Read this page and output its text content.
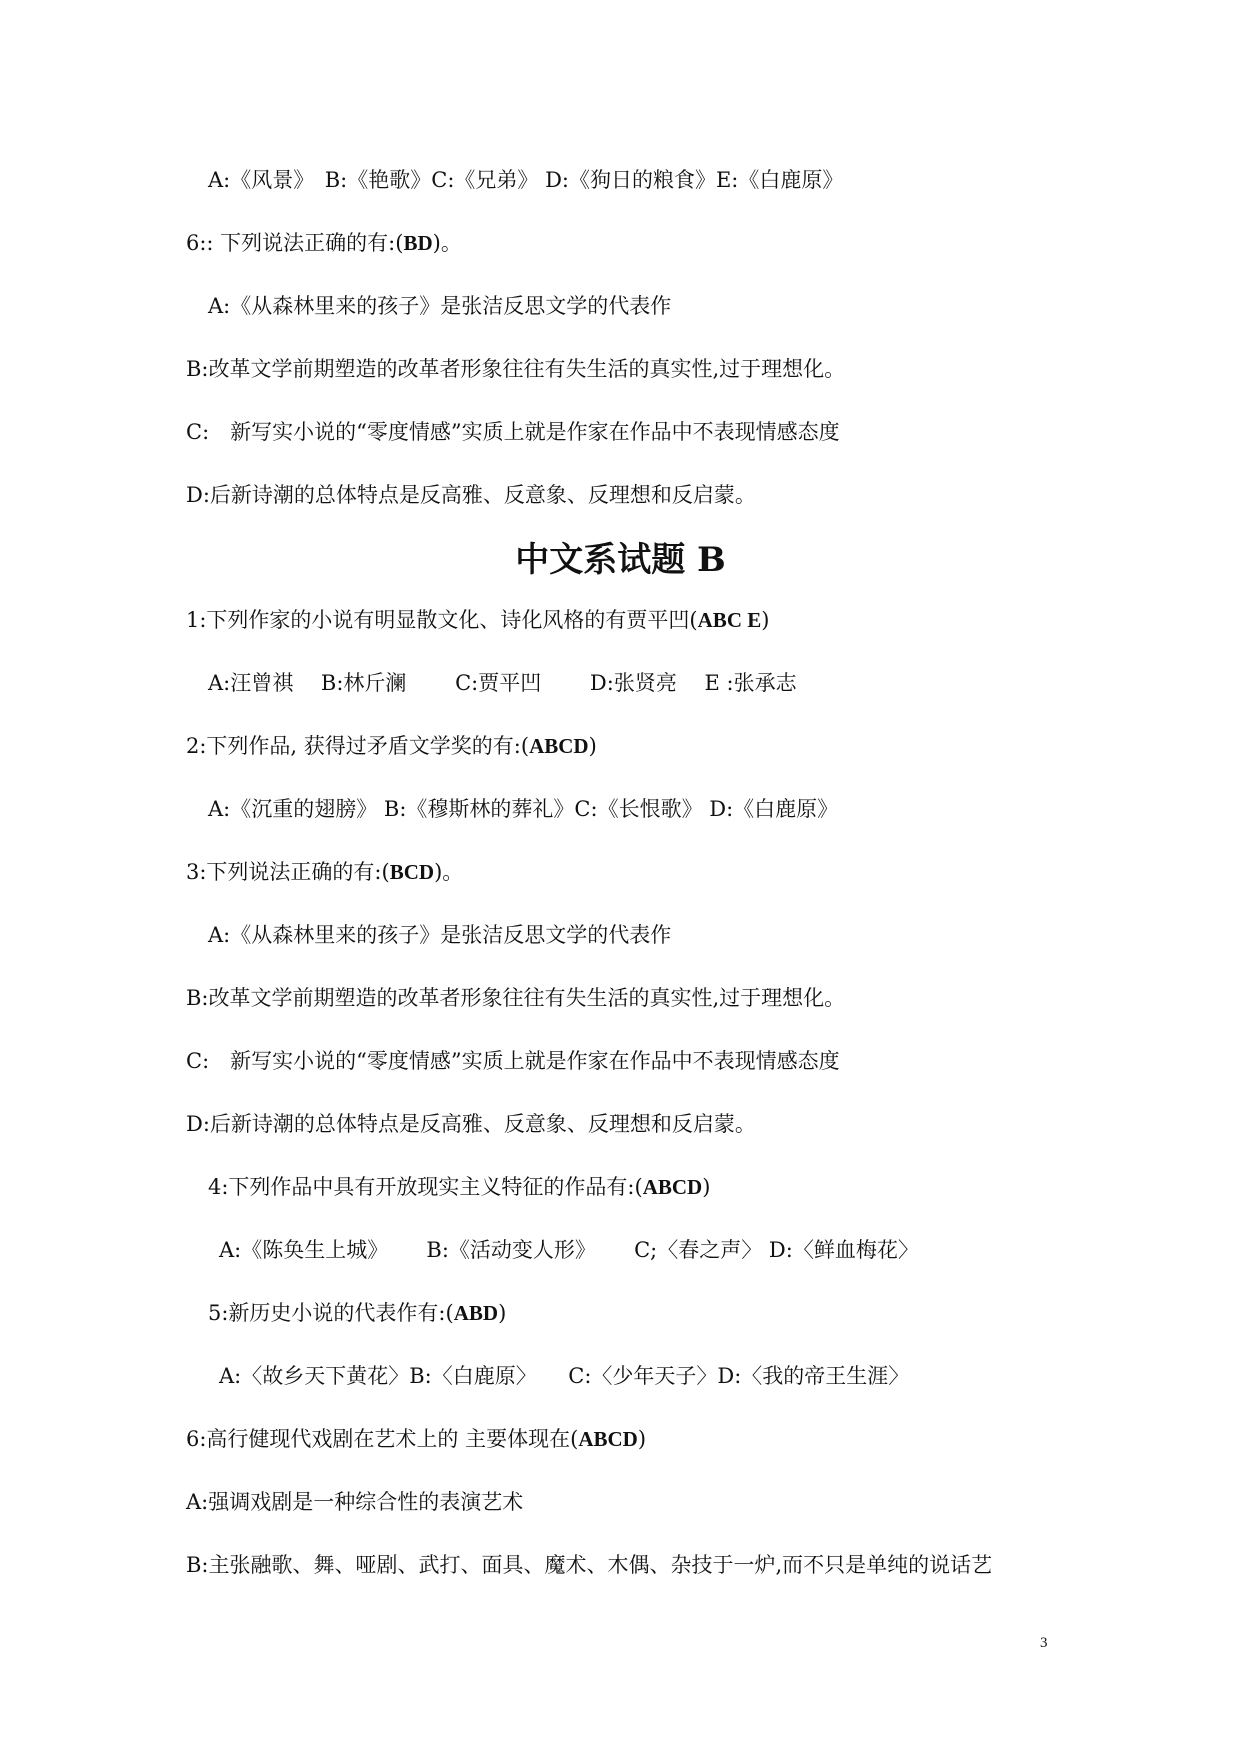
A:《风景》　B:《艳歌》C:《兄弟》 D:《狗日的粮食》E:《白鹿原》
6:: 下列说法正确的有:(BD)。
A:《从森林里来的孩子》是张洁反思文学的代表作
B:改革文学前期塑造的改革者形象往往有失生活的真实性,过于理想化。
C:　新写实小说的“零度情感”实质上就是作家在作品中不表现情感态度
D:后新诗潮的总体特点是反高雅、反意象、反理想和反启蒙。
中文系试题 B
1:下列作家的小说有明显散文化、诗化风格的有贾平凹(ABC E)
A:汪曾祺　 B:林斤澜　　 C:贾平凹　　 D:张贤亮　 E :张承志
2:下列作品, 获得过矛盾文学奖的有:(ABCD)
A:《沉重的翅膀》 B:《穆斯林的葬礼》C:《长恨歌》 D:《白鹿原》
3:下列说法正确的有:(BCD)。
A:《从森林里来的孩子》是张洁反思文学的代表作
B:改革文学前期塑造的改革者形象往往有失生活的真实性,过于理想化。
C:　新写实小说的“零度情感”实质上就是作家在作品中不表现情感态度
D:后新诗潮的总体特点是反高雅、反意象、反理想和反启蒙。
4:下列作品中具有开放现实主义特征的作品有:(ABCD)
A:《陈奂生上城》　　 B:《活动变人形》　　 C;〈春之声〉 D:〈鲜血梅花〉
5:新历史小说的代表作有:(ABD)
A:〈故乡天下黄花〉B:〈白鹿原〉　　C:〈少年天子〉D:〈我的帝王生涯〉
6:高行健现代戏剧在艺术上的 主要体现在(ABCD)
A:强调戏剧是一种综合性的表演艺术
B:主张融歌、舞、哑剧、武打、面具、魔术、木偶、杂技于一炉,而不只是单纯的说话艺
3
